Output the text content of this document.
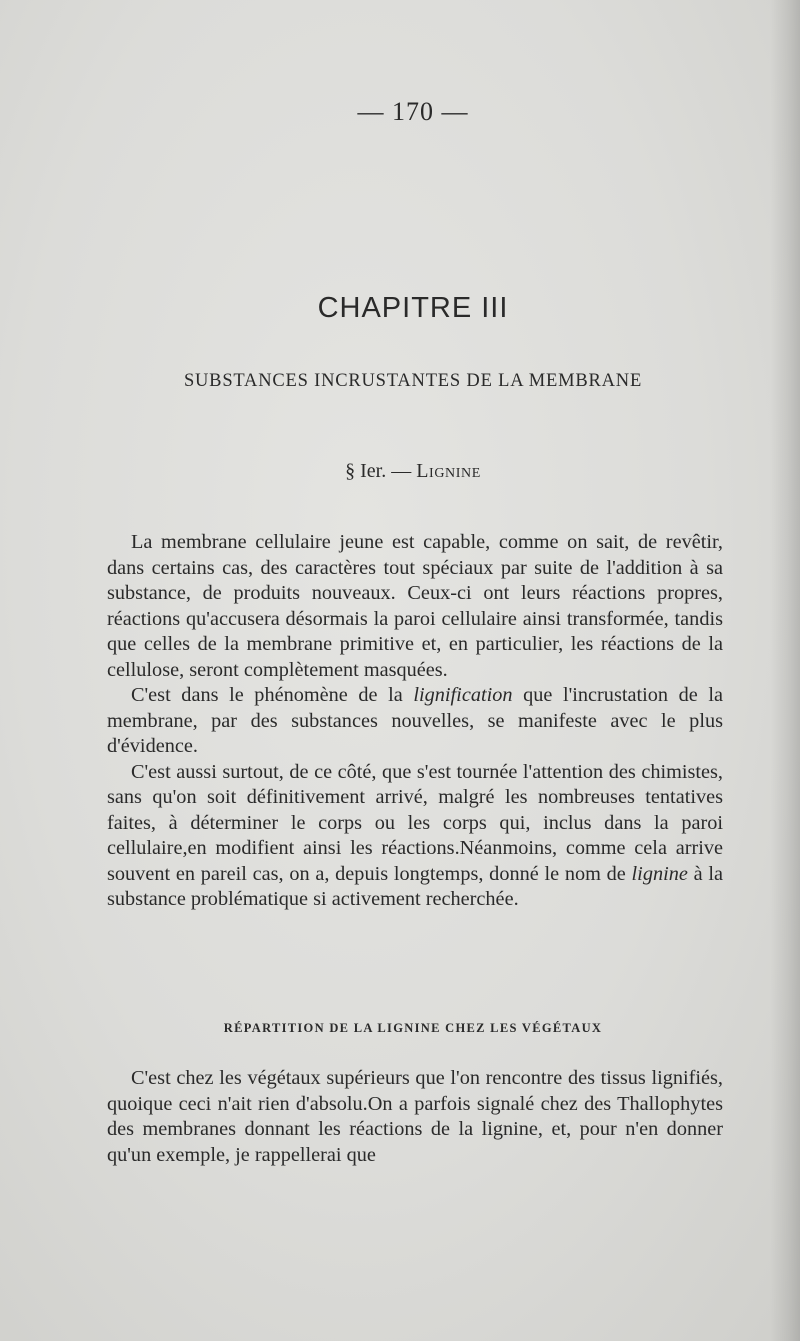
— 170 —
CHAPITRE III
SUBSTANCES INCRUSTANTES DE LA MEMBRANE
§ Ier. — Lignine

La membrane cellulaire jeune est capable, comme on sait, de revêtir, dans certains cas, des caractères tout spéciaux par suite de l'addition à sa substance, de produits nouveaux. Ceux-ci ont leurs réactions propres, réactions qu'accusera désormais la paroi cellulaire ainsi transformée, tandis que celles de la membrane primitive et, en particulier, les réactions de la cellulose, seront complètement masquées.

C'est dans le phénomène de la lignification que l'incrustation de la membrane, par des substances nouvelles, se manifeste avec le plus d'évidence.

C'est aussi surtout, de ce côté, que s'est tournée l'attention des chimistes, sans qu'on soit définitivement arrivé, malgré les nombreuses tentatives faites, à déterminer le corps ou les corps qui, inclus dans la paroi cellulaire,en modifient ainsi les réactions.Néanmoins, comme cela arrive souvent en pareil cas, on a, depuis longtemps, donné le nom de lignine à la substance problématique si activement recherchée.

RÉPARTITION DE LA LIGNINE CHEZ LES VÉGÉTAUX

C'est chez les végétaux supérieurs que l'on rencontre des tissus lignifiés, quoique ceci n'ait rien d'absolu.On a parfois signalé chez des Thallophytes des membranes donnant les réactions de la lignine, et, pour n'en donner qu'un exemple, je rappellerai que
